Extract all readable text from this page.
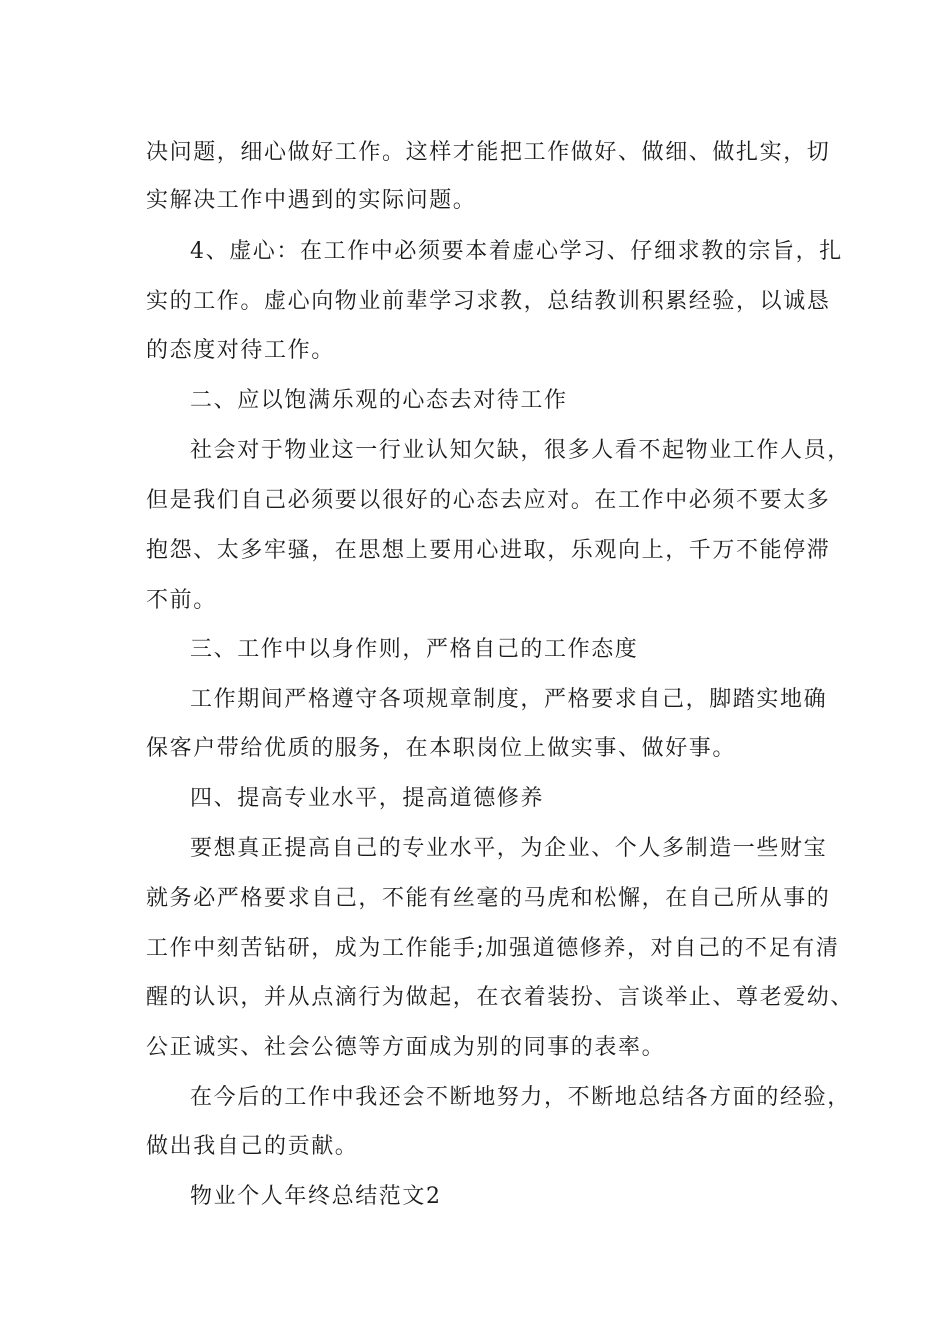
决问题，细心做好工作。这样才能把工作做好、做细、做扎实，切
实解决工作中遇到的实际问题。
4、虚心：在工作中必须要本着虚心学习、仔细求教的宗旨，扎
实的工作。虚心向物业前辈学习求教，总结教训积累经验，以诚恳
的态度对待工作。
二、应以饱满乐观的心态去对待工作
社会对于物业这一行业认知欠缺，很多人看不起物业工作人员，
但是我们自己必须要以很好的心态去应对。在工作中必须不要太多
抱怨、太多牢骚，在思想上要用心进取，乐观向上，千万不能停滞
不前。
三、工作中以身作则，严格自己的工作态度
工作期间严格遵守各项规章制度，严格要求自己，脚踏实地确
保客户带给优质的服务，在本职岗位上做实事、做好事。
四、提高专业水平，提高道德修养
要想真正提高自己的专业水平，为企业、个人多制造一些财宝
就务必严格要求自己，不能有丝毫的马虎和松懈，在自己所从事的
工作中刻苦钻研，成为工作能手;加强道德修养，对自己的不足有清
醒的认识，并从点滴行为做起，在衣着装扮、言谈举止、尊老爱幼、
公正诚实、社会公德等方面成为别的同事的表率。
在今后的工作中我还会不断地努力，不断地总结各方面的经验，
做出我自己的贡献。
物业个人年终总结范文2
